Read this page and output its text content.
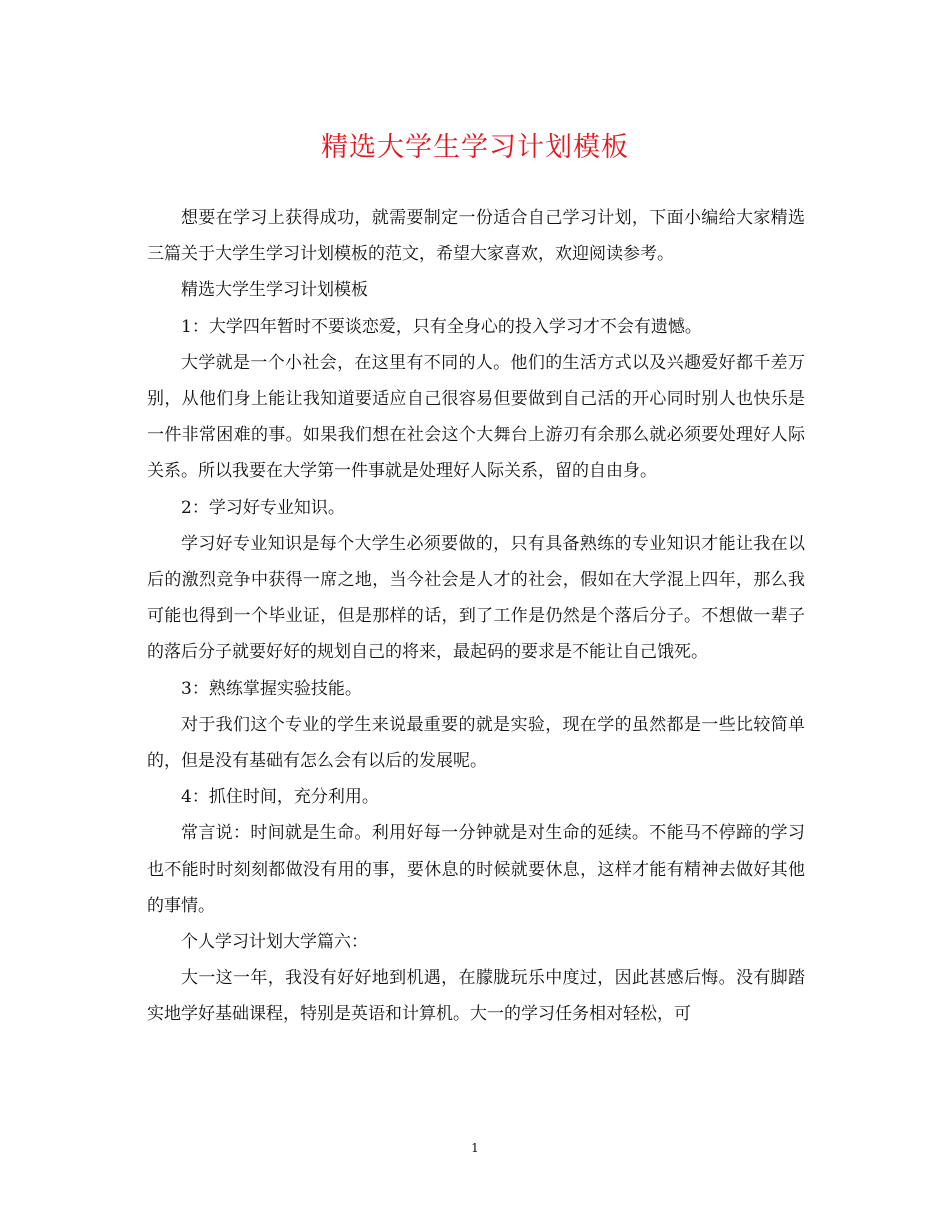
精选大学生学习计划模板

想要在学习上获得成功，就需要制定一份适合自己学习计划，下面小编给大家精选三篇关于大学生学习计划模板的范文，希望大家喜欢，欢迎阅读参考。

精选大学生学习计划模板

1：大学四年暂时不要谈恋爱，只有全身心的投入学习才不会有遗憾。

大学就是一个小社会，在这里有不同的人。他们的生活方式以及兴趣爱好都千差万别，从他们身上能让我知道要适应自己很容易但要做到自己活的开心同时别人也快乐是一件非常困难的事。如果我们想在社会这个大舞台上游刃有余那么就必须要处理好人际关系。所以我要在大学第一件事就是处理好人际关系，留的自由身。

2：学习好专业知识。

学习好专业知识是每个大学生必须要做的，只有具备熟练的专业知识才能让我在以后的激烈竞争中获得一席之地，当今社会是人才的社会，假如在大学混上四年，那么我可能也得到一个毕业证，但是那样的话，到了工作是仍然是个落后分子。不想做一辈子的落后分子就要好好的规划自己的将来，最起码的要求是不能让自己饿死。

3：熟练掌握实验技能。

对于我们这个专业的学生来说最重要的就是实验，现在学的虽然都是一些比较简单的，但是没有基础有怎么会有以后的发展呢。

4：抓住时间，充分利用。

常言说：时间就是生命。利用好每一分钟就是对生命的延续。不能马不停蹄的学习也不能时时刻刻都做没有用的事，要休息的时候就要休息，这样才能有精神去做好其他的事情。

个人学习计划大学篇六：

大一这一年，我没有好好地到机遇，在朦胧玩乐中度过，因此甚感后悔。没有脚踏实地学好基础课程，特别是英语和计算机。大一的学习任务相对轻松，可

1
